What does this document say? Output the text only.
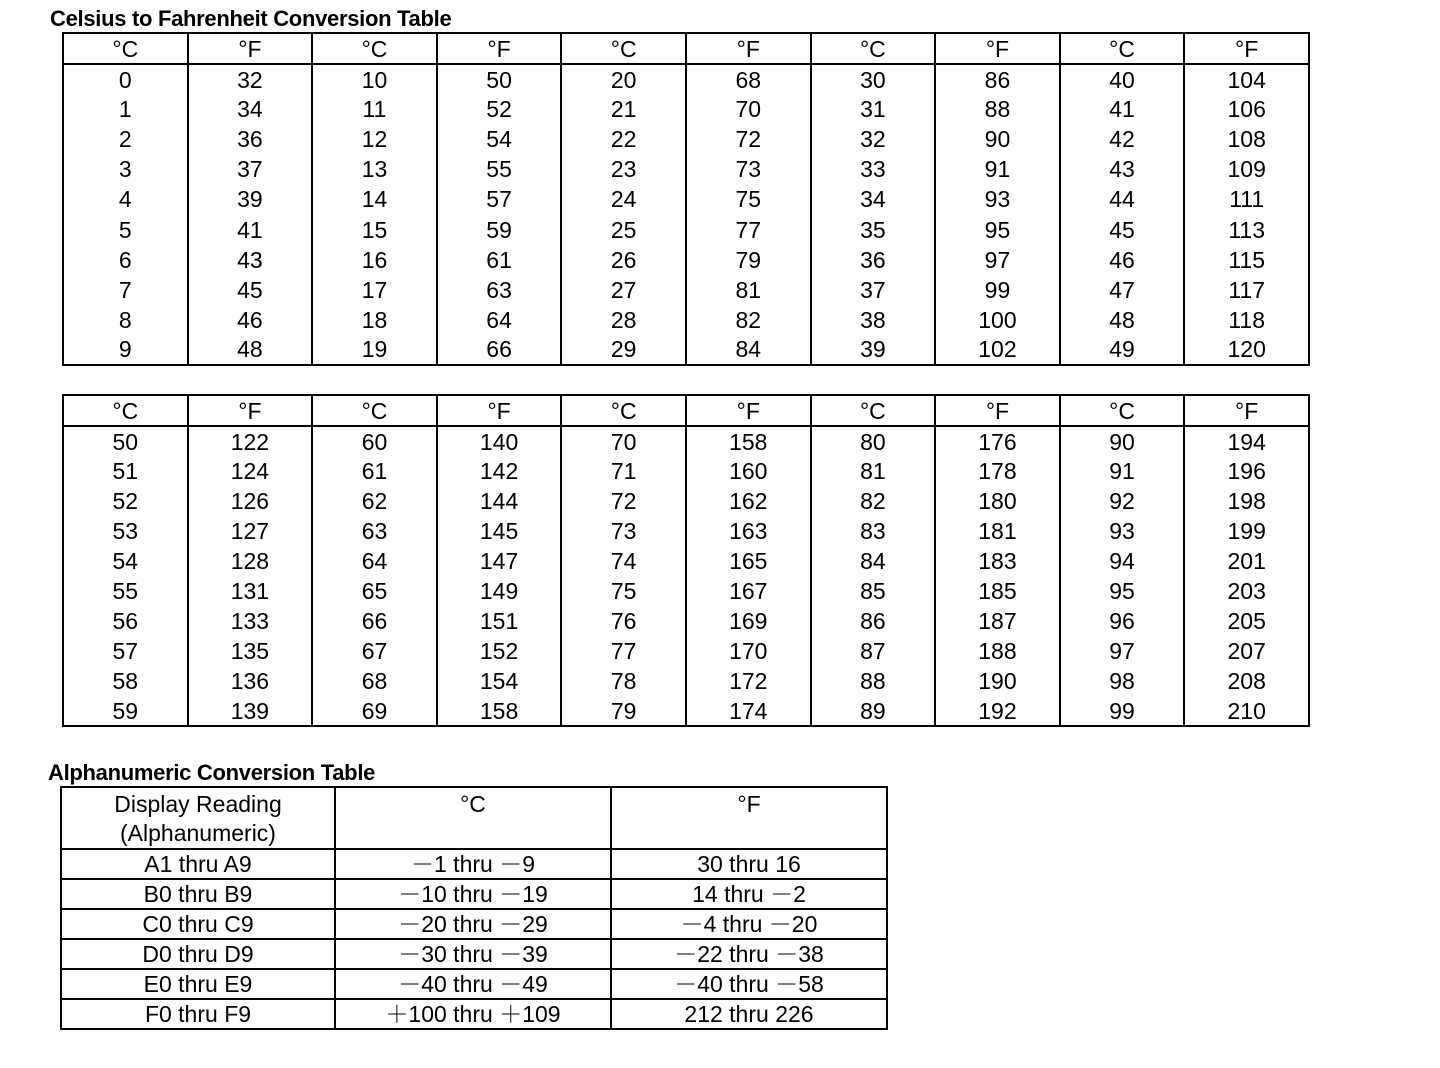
Celsius to Fahrenheit Conversion Table
°C	°F	°C	°F	°C	°F	°C	°F	°C	°F
0	32	10	50	20	68	30	86	40	104
1	34	11	52	21	70	31	88	41	106
2	36	12	54	22	72	32	90	42	108
3	37	13	55	23	73	33	91	43	109
4	39	14	57	24	75	34	93	44	111
5	41	15	59	25	77	35	95	45	113
6	43	16	61	26	79	36	97	46	115
7	45	17	63	27	81	37	99	47	117
8	46	18	64	28	82	38	100	48	118
9	48	19	66	29	84	39	102	49	120
°C	°F	°C	°F	°C	°F	°C	°F	°C	°F
50	122	60	140	70	158	80	176	90	194
51	124	61	142	71	160	81	178	91	196
52	126	62	144	72	162	82	180	92	198
53	127	63	145	73	163	83	181	93	199
54	128	64	147	74	165	84	183	94	201
55	131	65	149	75	167	85	185	95	203
56	133	66	151	76	169	86	187	96	205
57	135	67	152	77	170	87	188	97	207
58	136	68	154	78	172	88	190	98	208
59	139	69	158	79	174	89	192	99	210
Alphanumeric Conversion Table
Display Reading
(Alphanumeric)	°C	°F
A1 thru A9	－1 thru －9	30 thru 16
B0 thru B9	－10 thru －19	14 thru －2
C0 thru C9	－20 thru －29	－4 thru －20
D0 thru D9	－30 thru －39	－22 thru －38
E0 thru E9	－40 thru －49	－40 thru －58
F0 thru F9	＋100 thru ＋109	212 thru 226
